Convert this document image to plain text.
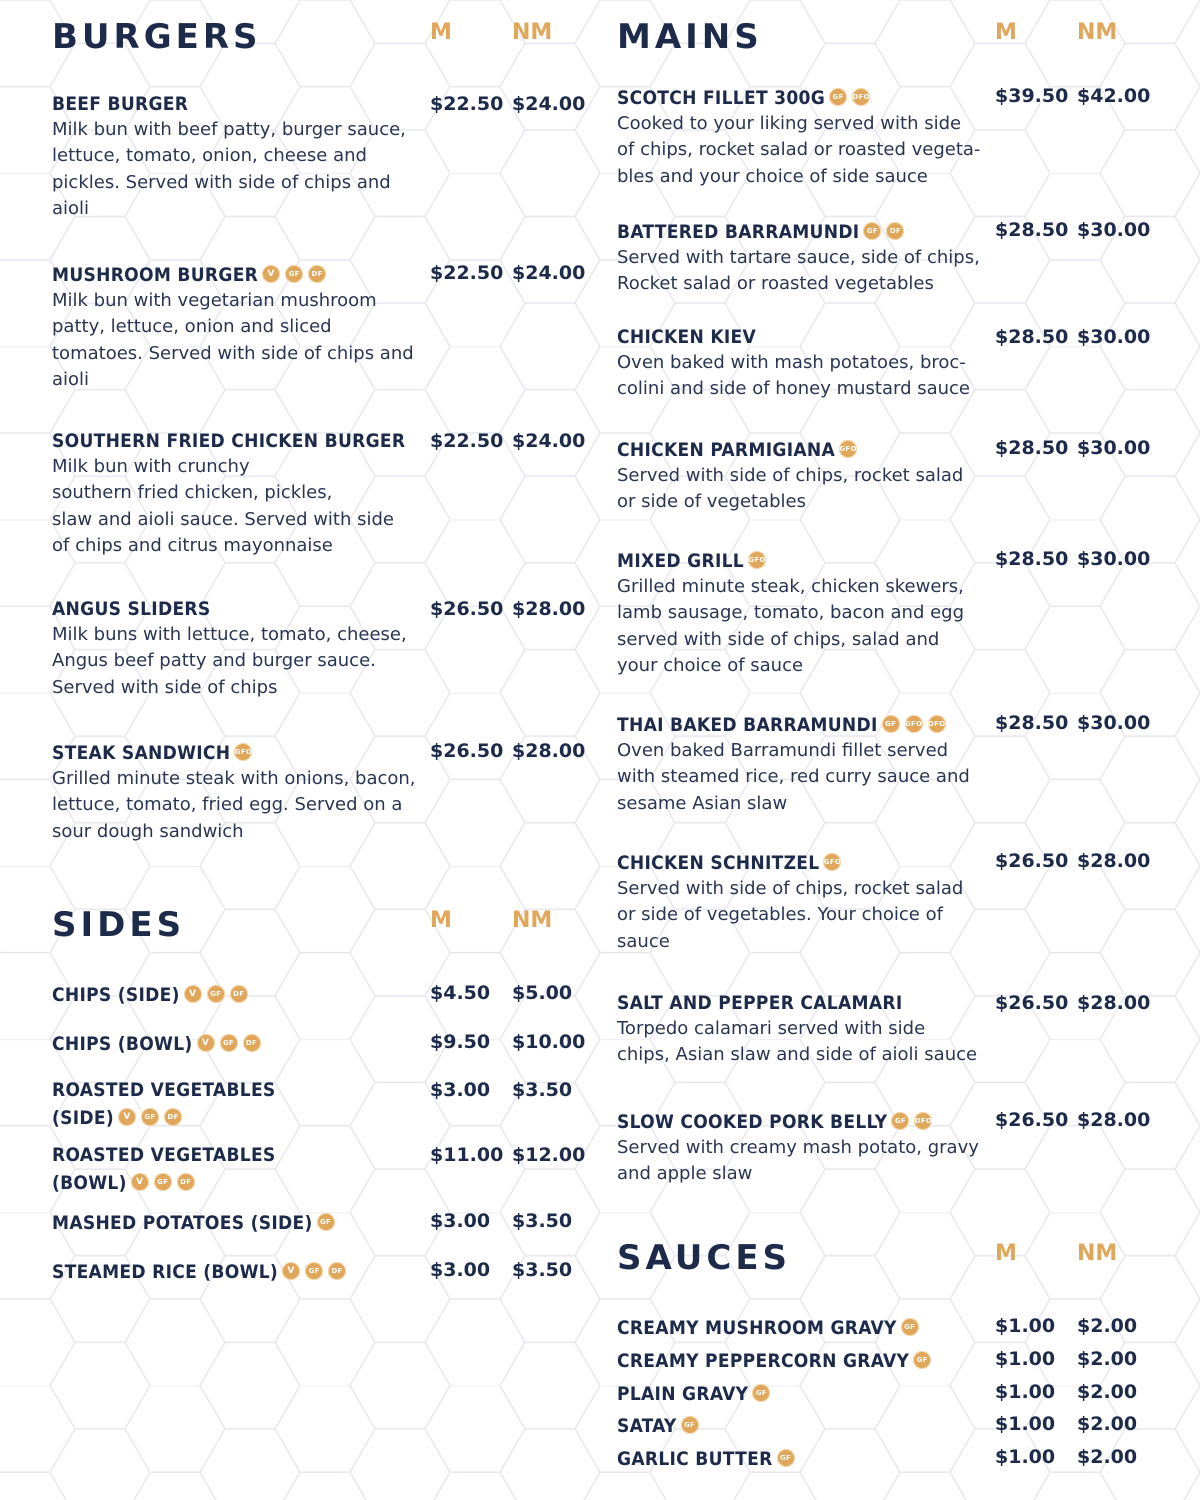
BURGERS	M	NM
BEEF BURGER
Milk bun with beef patty, burger sauce,
lettuce, tomato, onion, cheese and
pickles. Served with side of chips and
aioli
$22.50 $24.00
MUSHROOM BURGER V GF DF
Milk bun with vegetarian mushroom
patty, lettuce, onion and sliced
tomatoes. Served with side of chips and
aioli
$22.50 $24.00
SOUTHERN FRIED CHICKEN BURGER
Milk bun with crunchy
southern fried chicken, pickles,
slaw and aioli sauce. Served with side
of chips and citrus mayonnaise
$22.50 $24.00
ANGUS SLIDERS
Milk buns with lettuce, tomato, cheese,
Angus beef patty and burger sauce.
Served with side of chips
$26.50 $28.00
STEAK SANDWICH GFO
Grilled minute steak with onions, bacon,
lettuce, tomato, fried egg. Served on a
sour dough sandwich
$26.50 $28.00
SIDES	M	NM
CHIPS (SIDE) V GF DF	$4.50 $5.00
CHIPS (BOWL) V GF DF	$9.50 $10.00
ROASTED VEGETABLES
(SIDE) V GF DF
$3.00 $3.50
ROASTED VEGETABLES
(BOWL) V GF DF
$11.00 $12.00
MASHED POTATOES (SIDE) GF	$3.00 $3.50
STEAMED RICE (BOWL) V GF DF	$3.00 $3.50
MAINS	M	NM
SCOTCH FILLET 300G GF DFO
Cooked to your liking served with side
of chips, rocket salad or roasted vegeta-
bles and your choice of side sauce
$39.50 $42.00
BATTERED BARRAMUNDI GF DF
Served with tartare sauce, side of chips,
Rocket salad or roasted vegetables
$28.50 $30.00
CHICKEN KIEV
Oven baked with mash potatoes, broc-
colini and side of honey mustard sauce
$28.50 $30.00
CHICKEN PARMIGIANA GFO
Served with side of chips, rocket salad
or side of vegetables
$28.50 $30.00
MIXED GRILL GFO
Grilled minute steak, chicken skewers,
lamb sausage, tomato, bacon and egg
served with side of chips, salad and
your choice of sauce
$28.50 $30.00
THAI BAKED BARRAMUNDI GF GFO DFO
Oven baked Barramundi fillet served
with steamed rice, red curry sauce and
sesame Asian slaw
$28.50 $30.00
CHICKEN SCHNITZEL GFO
Served with side of chips, rocket salad
or side of vegetables. Your choice of
sauce
$26.50 $28.00
SALT AND PEPPER CALAMARI
Torpedo calamari served with side
chips, Asian slaw and side of aioli sauce
$26.50 $28.00
SLOW COOKED PORK BELLY GF DFO
Served with creamy mash potato, gravy
and apple slaw
$26.50 $28.00
SAUCES	M	NM
CREAMY MUSHROOM GRAVY GF	$1.00 $2.00
CREAMY PEPPERCORN GRAVY GF	$1.00 $2.00
PLAIN GRAVY GF	$1.00 $2.00
SATAY GF	$1.00 $2.00
GARLIC BUTTER GF	$1.00 $2.00
